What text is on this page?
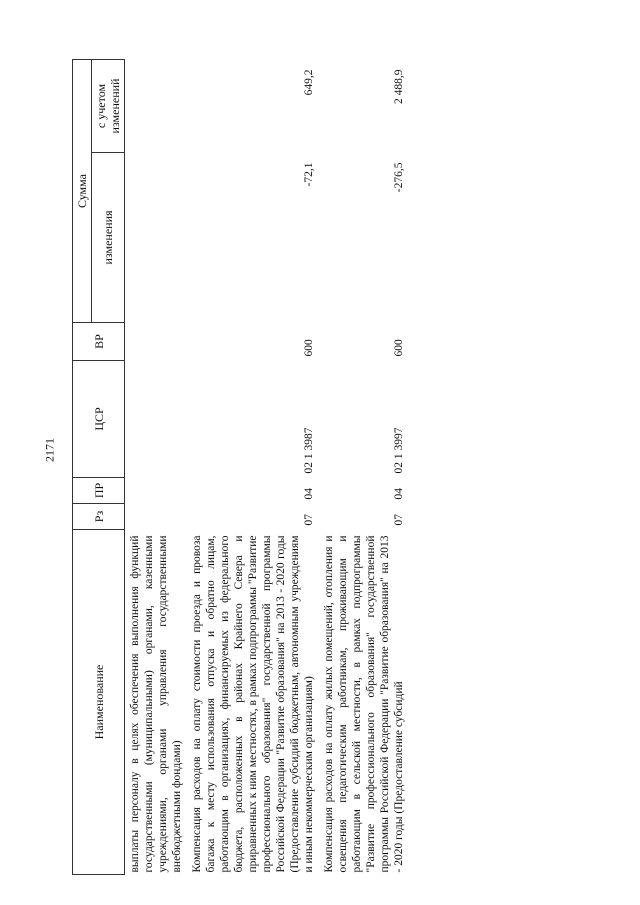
2171
Наименование	Рз	ПР	ЦСР	ВР	Сумма	
					изменения	с учетом изменений
выплаты персоналу в целях обеспечения выполнения функций государственными (муниципальными) органами, казенными учреждениями, органами управления государственными внебюджетными фондами)						
Компенсация расходов на оплату стоимости проезда и провоза багажа к месту использования отпуска и обратно лицам, работающим в организациях, финансируемых из федерального бюджета, расположенных в районах Крайнего Севера и приравненных к ним местностях, в рамках подпрограммы "Развитие профессионального образования" государственной программы Российской Федерации "Развитие образования" на 2013 - 2020 годы (Предоставление субсидий бюджетным, автономным учреждениям и иным некоммерческим организациям)	07	04	02 1 3987	600	-72,1	649,2
Компенсация расходов на оплату жилых помещений, отопления и освещения педагогическим работникам, проживающим и работающим в сельской местности, в рамках подпрограммы "Развитие профессионального образования" государственной программы Российской Федерации "Развитие образования" на 2013 - 2020 годы (Предоставление субсидий	07	04	02 1 3997	600	-276,5	2 488,9
